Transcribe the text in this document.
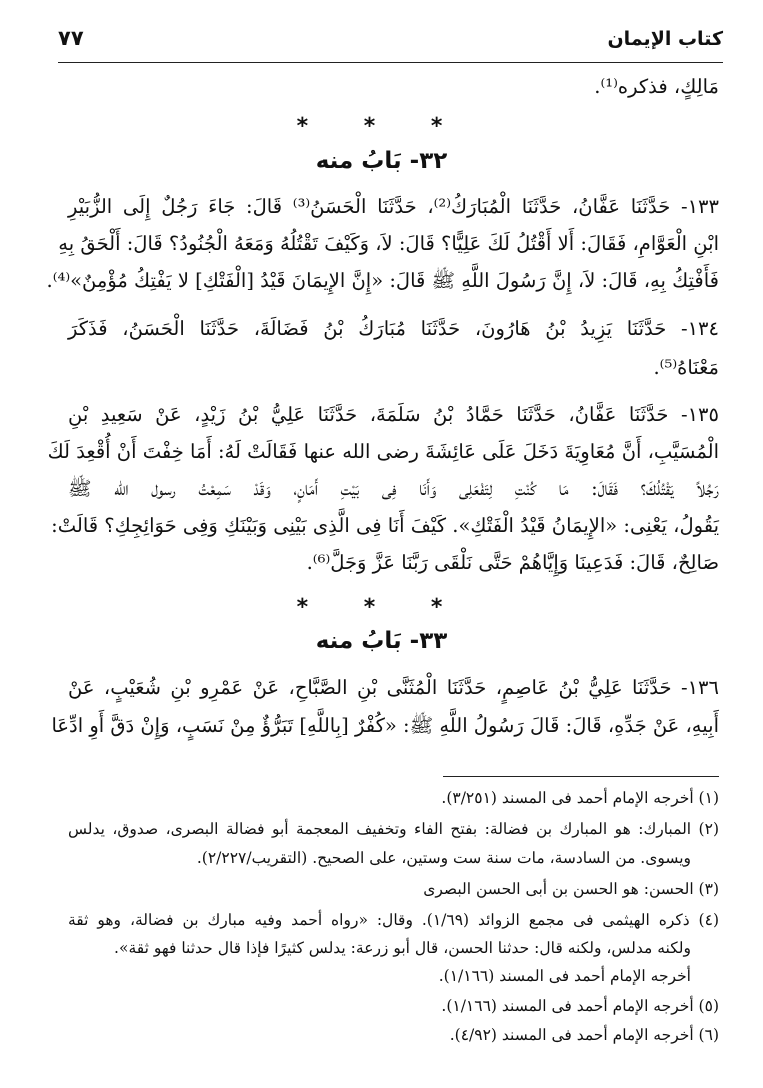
كتاب الإيمان
٧٧
مَالِكٍ، فذكره⁽¹⁾.
* * *
٣٢- بَابُ منه
١٣٣- حَدَّثَنَا عَفَّانُ، حَدَّثَنَا الْمُبَارَكُ⁽²⁾، حَدَّثَنَا الْحَسَنُ⁽³⁾ قَالَ: جَاءَ رَجُلٌ إِلَى الزُّبَيْرِ
ابْنِ الْعَوَّامِ، فَقَالَ: أَلا أَقْتُلُ لَكَ عَلِيًّا؟ قَالَ: لاَ، وَكَيْفَ تَقْتُلُهُ وَمَعَهُ الْجُنُودُ؟ قَالَ: أَلْحَقُ بِهِ
فَأَفْتِكُ بِهِ، قَالَ: لاَ، إِنَّ رَسُولَ اللَّهِ ﷺ قَالَ: «إِنَّ الإِيمَانَ قَيْدُ [الْفَتْكِ] لا يَفْتِكُ مُؤْمِنٌ»⁽⁴⁾.
١٣٤- حَدَّثَنَا يَزِيدُ بْنُ هَارُونَ، حَدَّثَنَا مُبَارَكُ بْنُ فَضَالَةَ، حَدَّثَنَا الْحَسَنُ، فَذَكَرَ
مَعْنَاهُ⁽⁵⁾.
١٣٥- حَدَّثَنَا عَفَّانُ، حَدَّثَنَا حَمَّادُ بْنُ سَلَمَةَ، حَدَّثَنَا عَلِيُّ بْنُ زَيْدٍ، عَنْ سَعِيدِ بْنِ
الْمُسَيَّبِ، أَنَّ مُعَاوِيَةَ دَخَلَ عَلَى عَائِشَةَ رضى الله عنها فَقَالَتْ لَهُ: أَمَا خِفْتَ أَنْ أُقْعِدَ لَكَ
رَجُلاً يَقْتُلُكَ؟ فَقَالَ: مَا كُنْتِ لِتَفْعَلِى وَأَنَا فِى بَيْتِ أَمَانٍ، وَقَدْ سَمِعْتُ رسول الله ﷺ
يَقُولُ، يَعْنِى: «الإِيمَانُ قَيْدُ الْفَتْكِ». كَيْفَ أَنَا فِى الَّذِى بَيْنِى وَبَيْنَكِ وَفِى حَوَائِجِكِ؟ قَالَتْ:
صَالِحٌ، قَالَ: فَدَعِينَا وَإِيَّاهُمْ حَتَّى نَلْقَى رَبَّنَا عَزَّ وَجَلَّ⁽⁶⁾.
* * *
٣٣- بَابُ منه
١٣٦- حَدَّثَنَا عَلِيُّ بْنُ عَاصِمٍ، حَدَّثَنَا الْمُثَنَّى بْنِ الصَّبَّاحِ، عَنْ عَمْرِو بْنِ شُعَيْبٍ، عَنْ
أَبِيهِ، عَنْ جَدِّهِ، قَالَ: قَالَ رَسُولُ اللَّهِ ﷺ: «كُفْرٌ [بِاللَّهِ] تَبَرُّؤٌ مِنْ نَسَبٍ، وَإِنْ دَقَّ أَوِ ادِّعَا
(١) أخرجه الإمام أحمد فى المسند (٣/٢٥١).
(٢) المبارك: هو المبارك بن فضالة: بفتح الفاء وتخفيف المعجمة أبو فضالة البصرى، صدوق، يدلس
ويسوى. من السادسة، مات سنة ست وستين، على الصحيح. (التقريب/٢/٢٢٧).
(٣) الحسن: هو الحسن بن أبى الحسن البصرى
(٤) ذكره الهيثمى فى مجمع الزوائد (١/٦٩). وقال: «رواه أحمد وفيه مبارك بن فضالة، وهو ثقة
ولكنه مدلس، ولكنه قال: حدثنا الحسن، قال أبو زرعة: يدلس كثيرًا فإذا قال حدثنا فهو ثقة».
أخرجه الإمام أحمد فى المسند (١/١٦٦).
(٥) أخرجه الإمام أحمد فى المسند (١/١٦٦).
(٦) أخرجه الإمام أحمد فى المسند (٤/٩٢).
